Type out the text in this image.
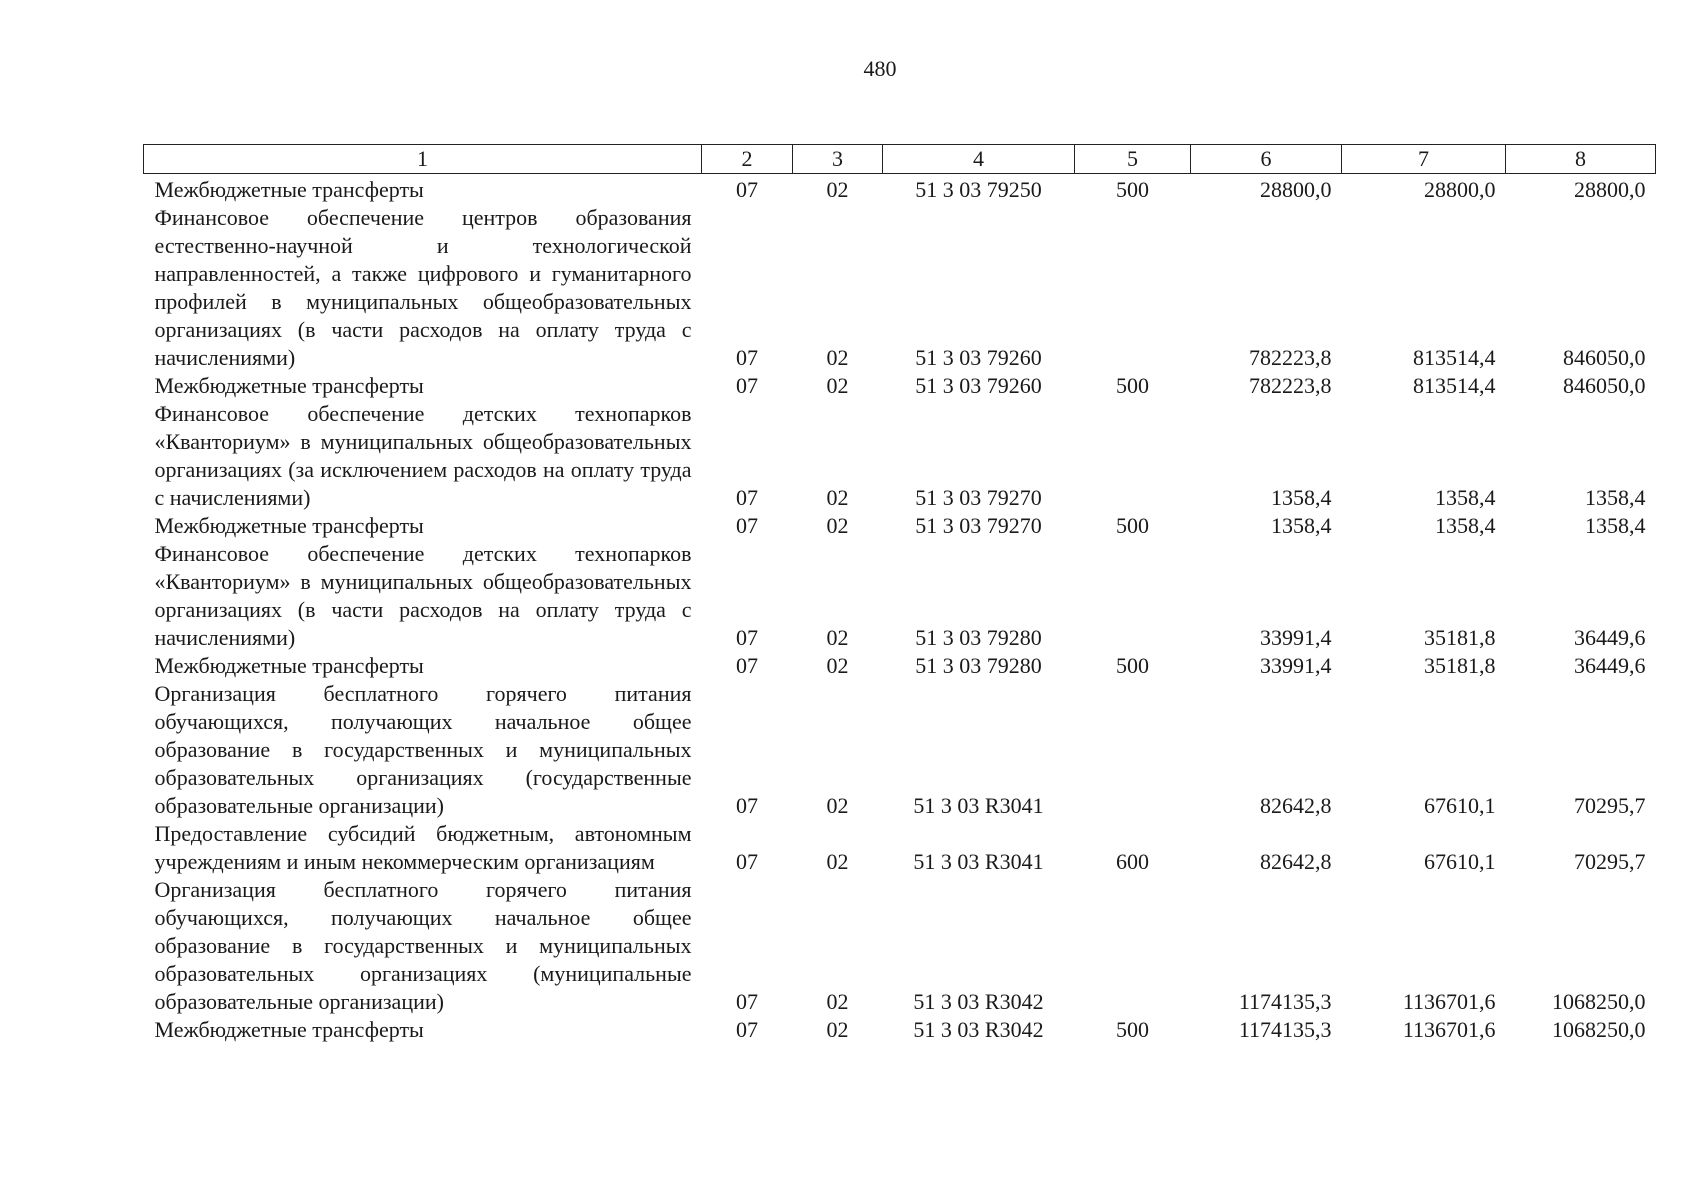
480
1	2	3	4	5	6	7	8
Межбюджетные трансферты	07	02	51 3 03 79250	500	28800,0	28800,0	28800,0
Финансовое обеспечение центров образования естественно-научной и технологической направленностей, а также цифрового и гуманитарного профилей в муниципальных общеобразовательных организациях (в части расходов на оплату труда с начислениями)	07	02	51 3 03 79260		782223,8	813514,4	846050,0
Межбюджетные трансферты	07	02	51 3 03 79260	500	782223,8	813514,4	846050,0
Финансовое обеспечение детских технопарков «Кванториум» в муниципальных общеобразовательных организациях (за исключением расходов на оплату труда с начислениями)	07	02	51 3 03 79270		1358,4	1358,4	1358,4
Межбюджетные трансферты	07	02	51 3 03 79270	500	1358,4	1358,4	1358,4
Финансовое обеспечение детских технопарков «Кванториум» в муниципальных общеобразовательных организациях (в части расходов на оплату труда с начислениями)	07	02	51 3 03 79280		33991,4	35181,8	36449,6
Межбюджетные трансферты	07	02	51 3 03 79280	500	33991,4	35181,8	36449,6
Организация бесплатного горячего питания обучающихся, получающих начальное общее образование в государственных и муниципальных образовательных организациях (государственные образовательные организации)	07	02	51 3 03 R3041		82642,8	67610,1	70295,7
Предоставление субсидий бюджетным, автономным учреждениям и иным некоммерческим организациям	07	02	51 3 03 R3041	600	82642,8	67610,1	70295,7
Организация бесплатного горячего питания обучающихся, получающих начальное общее образование в государственных и муниципальных образовательных организациях (муниципальные образовательные организации)	07	02	51 3 03 R3042		1174135,3	1136701,6	1068250,0
Межбюджетные трансферты	07	02	51 3 03 R3042	500	1174135,3	1136701,6	1068250,0
